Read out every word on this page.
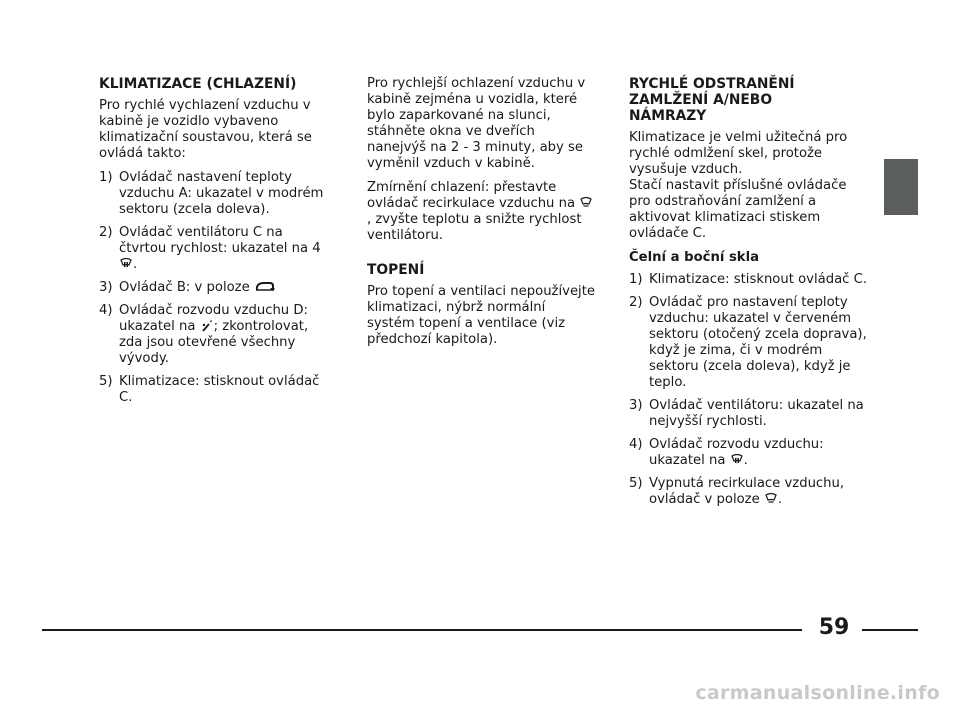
KLIMATIZACE (CHLAZENÍ)

Pro rychlé vychlazení vzduchu v kabině je vozidlo vybaveno klimatizační soustavou, která se ovládá takto:

1) Ovládač nastavení teploty vzduchu A: ukazatel v modrém sektoru (zcela doleva).
2) Ovládač ventilátoru C na čtvrtou rychlost: ukazatel na 4
.
3) Ovládač B: v poloze
4) Ovládač rozvodu vzduchu D: ukazatel na ; zkontrolovat, zda jsou otevřené všechny vývody.
5) Klimatizace: stisknout ovládač C.

Pro rychlejší ochlazení vzduchu v kabině zejména u vozidla, které bylo zaparkované na slunci, stáhněte okna ve dveřích nanejvýš na 2 - 3 minuty, aby se vyměnil vzduch v kabině.

Zmírnění chlazení: přestavte ovládač recirkulace vzduchu na
, zvyšte teplotu a snižte rychlost ventilátoru.

TOPENÍ

Pro topení a ventilaci nepoužívejte klimatizaci, nýbrž normální systém topení a ventilace (viz předchozí kapitola).

RYCHLÉ ODSTRANĚNÍ
ZAMLŽENÍ A/NEBO
NÁMRAZY

Klimatizace je velmi užitečná pro rychlé odmlžení skel, protože vysušuje vzduch.

Stačí nastavit příslušné ovládače pro odstraňování zamlžení a aktivovat klimatizaci stiskem ovládače C.

Čelní a boční skla
1) Klimatizace: stisknout ovládač C.
2) Ovládač pro nastavení teploty vzduchu: ukazatel v červeném sektoru (otočený zcela doprava), když je zima, či v modrém sektoru (zcela doleva), když je teplo.
3) Ovládač ventilátoru: ukazatel na nejvyšší rychlosti.
4) Ovládač rozvodu vzduchu: ukazatel na .
5) Vypnutá recirkulace vzduchu, ovládač v poloze .
59
carmanualsonline.info
